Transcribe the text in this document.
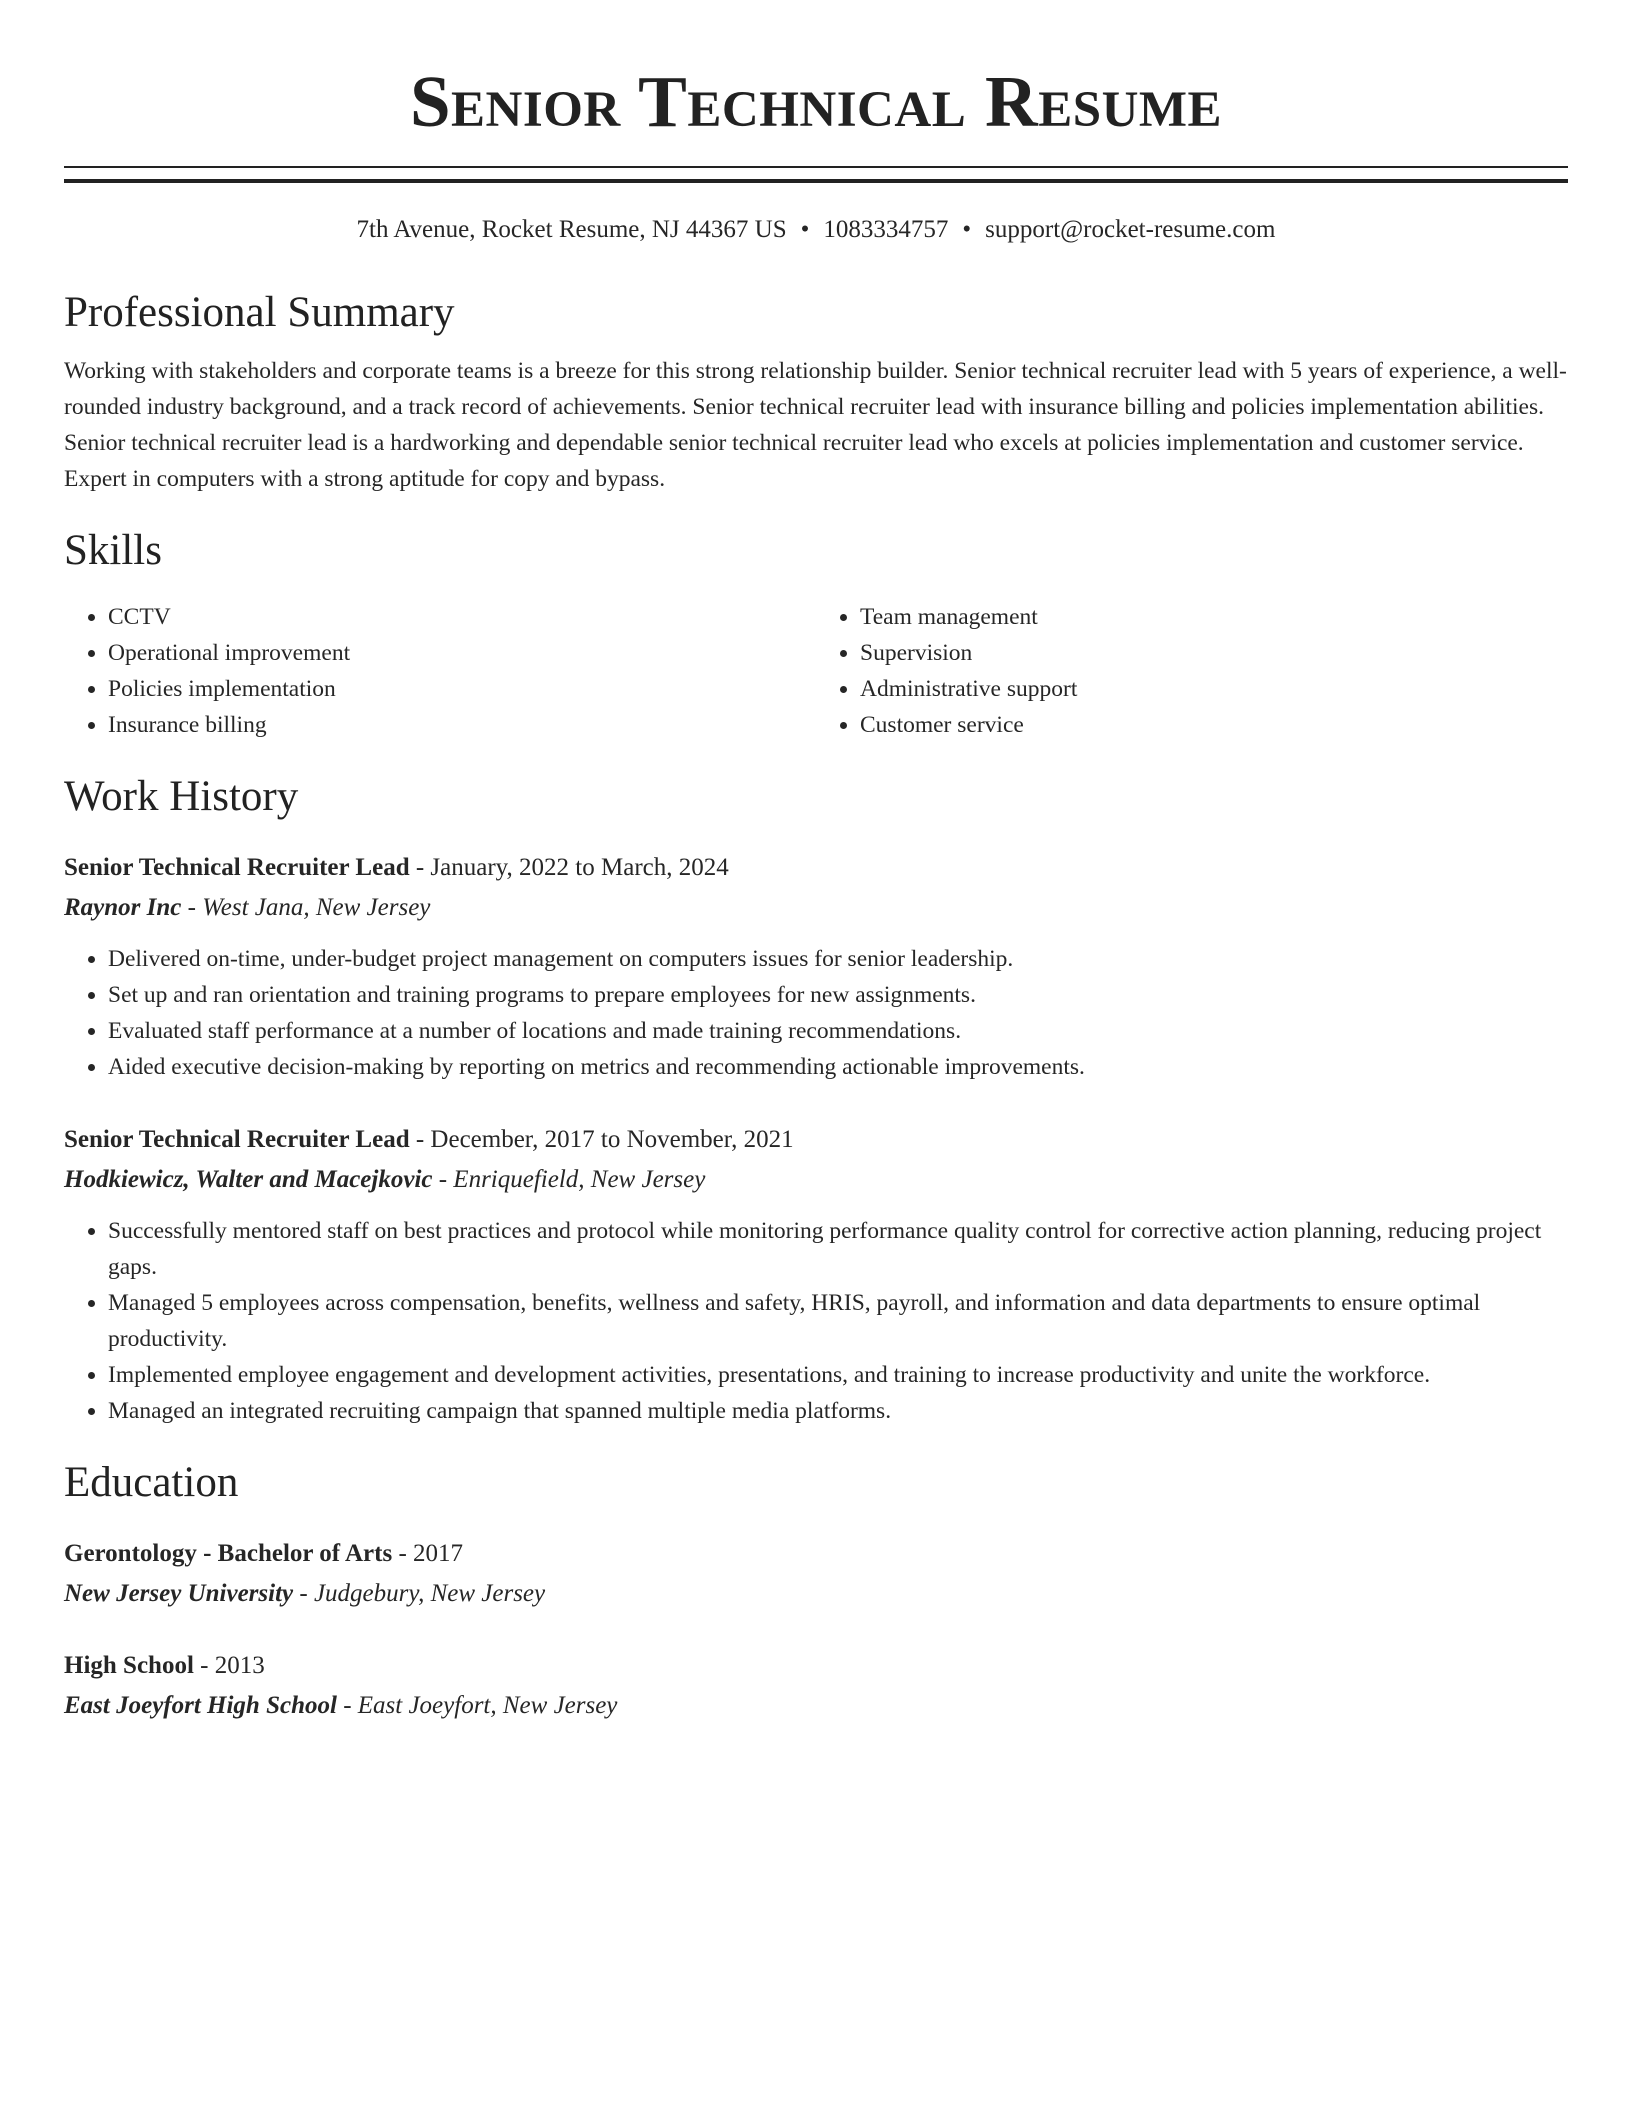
Senior Technical Resume
7th Avenue, Rocket Resume, NJ 44367 US • 1083334757 • support@rocket-resume.com
Professional Summary

Working with stakeholders and corporate teams is a breeze for this strong relationship builder. Senior technical recruiter lead with 5 years of experience, a well-rounded industry background, and a track record of achievements. Senior technical recruiter lead with insurance billing and policies implementation abilities. Senior technical recruiter lead is a hardworking and dependable senior technical recruiter lead who excels at policies implementation and customer service. Expert in computers with a strong aptitude for copy and bypass.

Skills
• CCTV
• Operational improvement
• Policies implementation
• Insurance billing
• Team management
• Supervision
• Administrative support
• Customer service
Work History
Senior Technical Recruiter Lead - January, 2022 to March, 2024
Raynor Inc - West Jana, New Jersey
• Delivered on-time, under-budget project management on computers issues for senior leadership.
• Set up and ran orientation and training programs to prepare employees for new assignments.
• Evaluated staff performance at a number of locations and made training recommendations.
• Aided executive decision-making by reporting on metrics and recommending actionable improvements.
Senior Technical Recruiter Lead - December, 2017 to November, 2021
Hodkiewicz, Walter and Macejkovic - Enriquefield, New Jersey
• Successfully mentored staff on best practices and protocol while monitoring performance quality control for corrective action planning, reducing project gaps.
• Managed 5 employees across compensation, benefits, wellness and safety, HRIS, payroll, and information and data departments to ensure optimal productivity.
• Implemented employee engagement and development activities, presentations, and training to increase productivity and unite the workforce.
• Managed an integrated recruiting campaign that spanned multiple media platforms.
Education
Gerontology - Bachelor of Arts - 2017
New Jersey University - Judgebury, New Jersey
High School - 2013
East Joeyfort High School - East Joeyfort, New Jersey
